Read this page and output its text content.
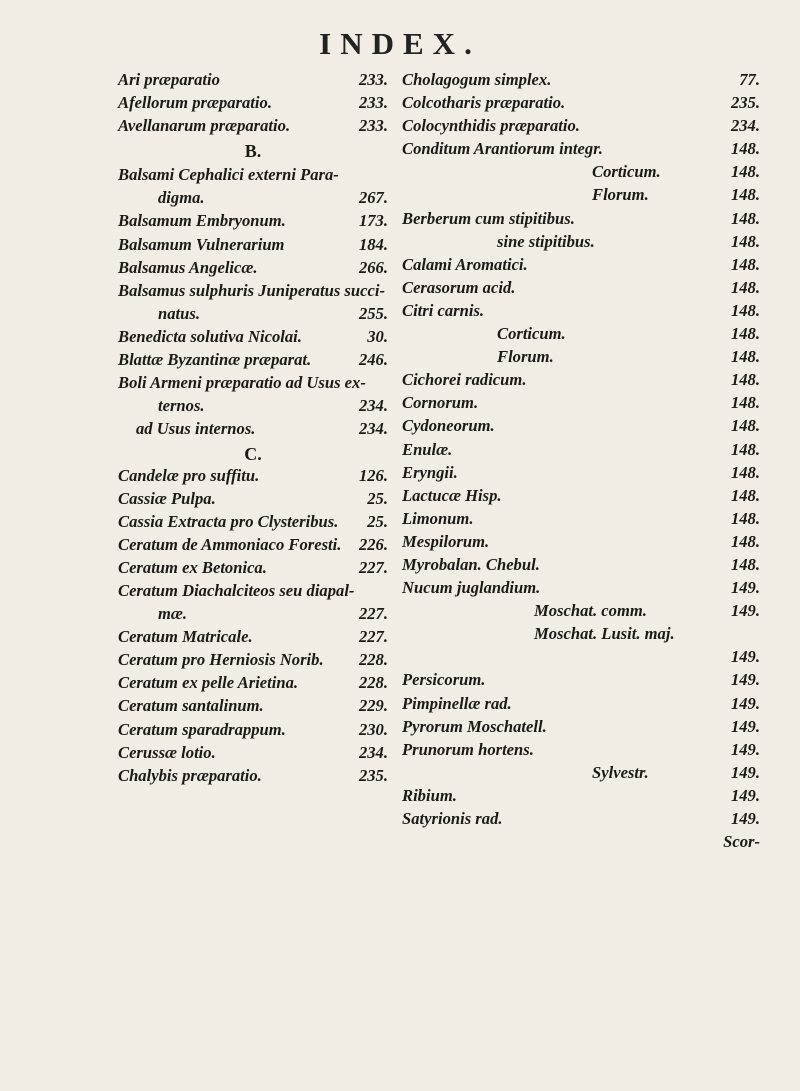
INDEX.
Ari præparatio	233.
Afellorum præparatio.	233.
Avellanarum præparatio.	233.
B.
Balsami Cephalici externi Para-
digma.	267.
Balsamum Embryonum.	173.
Balsamum Vulnerarium	184.
Balsamus Angelicæ.	266.
Balsamus sulphuris Juniperatus succi-
natus.	255.
Benedicta solutiva Nicolai.	30.
Blattæ Byzantinæ præparat.	246.
Boli Armeni præparatio ad Usus ex-
ternos.	234.
ad Usus internos.	234.
C.
Candelæ pro suffitu.	126.
Cassiæ Pulpa.	25.
Cassia Extracta pro Clysteribus. 25.
Ceratum de Ammoniaco Foresti. 226.
Ceratum ex Betonica.	227.
Ceratum Diachalciteos seu diapal-
mæ.	227.
Ceratum Matricale.	227.
Ceratum pro Herniosis Norib. 228.
Ceratum ex pelle Arietina.	228.
Ceratum santalinum.	229.
Ceratum sparadrappum.	230.
Cerussæ lotio.	234.
Chalybis præparatio.	235.
Cholagogum simplex.	77.
Colcotharis præparatio.	235.
Colocynthidis præparatio.	234.
Conditum Arantiorum integr.	148.
Corticum.	148.
Florum.	148.
Berberum cum stipitibus.	148.
sine stipitibus.	148.
Calami Aromatici.	148.
Cerasorum acid.	148.
Citri carnis.	148.
Corticum.	148.
Florum.	148.
Cichorei radicum.	148.
Cornorum.	148.
Cydoneorum.	148.
Enulæ.	148.
Eryngii.	148.
Lactucæ Hisp.	148.
Limonum.	148.
Mespilorum.	148.
Myrobalan. Chebul.	148.
Nucum juglandium.	149.
Moschat. comm.	149.
Moschat. Lusit. maj.
149.
Persicorum.	149.
Pimpinellæ rad.	149.
Pyrorum Moschatell.	149.
Prunorum hortens.	149.
Sylvestr.	149.
Ribium.	149.
Satyrionis rad.	149.
Scor-
